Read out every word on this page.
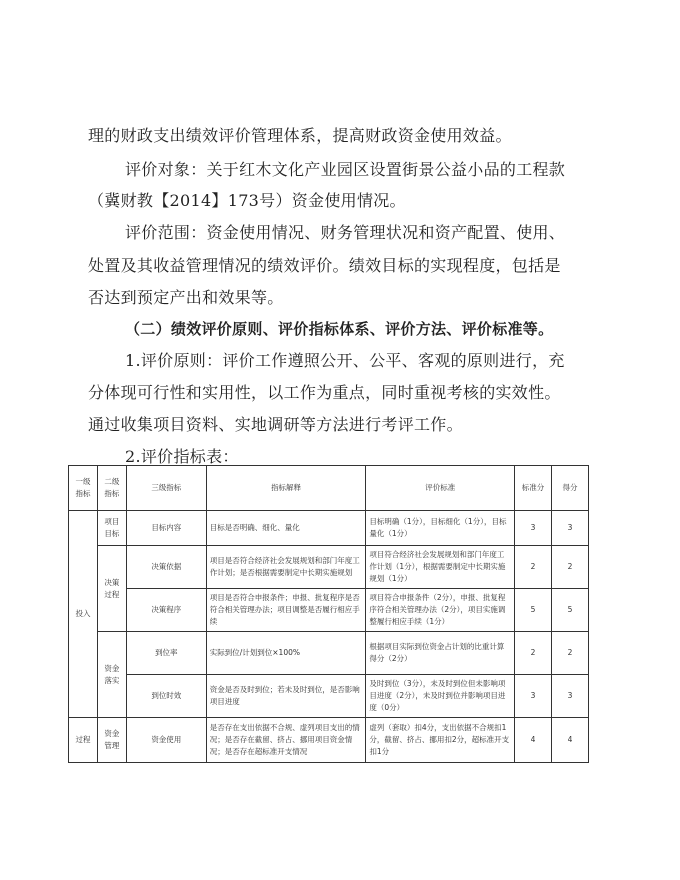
理的财政支出绩效评价管理体系，提高财政资金使用效益。
评价对象：关于红木文化产业园区设置街景公益小品的工程款
（冀财教【2014】173号）资金使用情况。
评价范围：资金使用情况、财务管理状况和资产配置、使用、
处置及其收益管理情况的绩效评价。绩效目标的实现程度，包括是
否达到预定产出和效果等。
（二）绩效评价原则、评价指标体系、评价方法、评价标准等。
1.评价原则：评价工作遵照公开、公平、客观的原则进行，充
分体现可行性和实用性，以工作为重点，同时重视考核的实效性。
通过收集项目资料、实地调研等方法进行考评工作。
2.评价指标表：
一级指标	二级指标	三级指标	指标解释	评价标准	标准分	得分
投入	项目目标	目标内容	目标是否明确、细化、量化	目标明确（1分），目标细化（1分），目标量化（1分）	3	3
	决策过程	决策依据	项目是否符合经济社会发展规划和部门年度工作计划；是否根据需要制定中长期实施规划	项目符合经济社会发展规划和部门年度工作计划（1分），根据需要制定中长期实施规划（1分）	2	2
		决策程序	项目是否符合申报条件；申报、批复程序是否符合相关管理办法；项目调整是否履行相应手续	项目符合申报条件（2分），申报、批复程序符合相关管理办法（2分），项目实施调整履行相应手续（1分）	5	5
	资金落实	到位率	实际到位/计划到位×100%	根据项目实际到位资金占计划的比重计算得分（2分）	2	2
		到位时效	资金是否及时到位；若未及时到位，是否影响项目进度	及时到位（3分），未及时到位但未影响项目进度（2分），未及时到位并影响项目进度（0分）	3	3
过程	资金管理	资金使用	是否存在支出依据不合规、虚列项目支出的情况；是否存在截留、挤占、挪用项目资金情况；是否存在超标准开支情况	虚列（套取）扣4分，支出依据不合规扣1分，截留、挤占、挪用扣2分，超标准开支扣1分	4	4
